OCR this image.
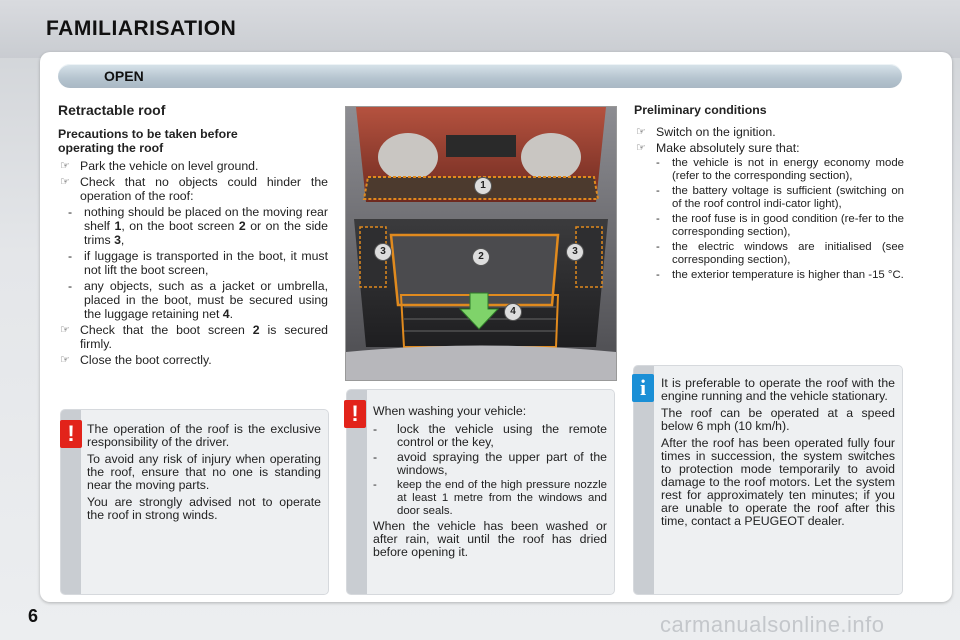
FAMILIARISATION
OPEN

Retractable roof

Precautions to be taken before
operating the roof

☞ Park the vehicle on level ground.

☞ Check that no objects could hinder the operation of the roof:

- nothing should be placed on the moving rear shelf 1, on the boot screen 2 or on the side trims 3,

- if luggage is transported in the boot, it must not lift the boot screen,

- any objects, such as a jacket or umbrella, placed in the boot, must be secured using the luggage retaining net 4.

☞ Check that the boot screen 2 is secured firmly.

☞ Close the boot correctly.

1
2
3	3
4

Preliminary conditions

☞ Switch on the ignition.

☞ Make absolutely sure that:

- the vehicle is not in energy economy mode (refer to the corresponding section),

- the battery voltage is sufficient (switching on of the roof control indi-cator light),

- the roof fuse is in good condition (re-fer to the corresponding section),

- the electric windows are initialised (see corresponding section),

- the exterior temperature is higher than -15 °C.

!	The operation of the roof is the exclusive responsibility of the driver.

To avoid any risk of injury when operating the roof, ensure that no one is standing near the moving parts.

You are strongly advised not to operate the roof in strong winds.

!	When washing your vehicle:

- lock the vehicle using the remote control or the key,

- avoid spraying the upper part of the windows,

- keep the end of the high pressure nozzle at least 1 metre from the windows and door seals.

When the vehicle has been washed or after rain, wait until the roof has dried before opening it.

i	It is preferable to operate the roof with the engine running and the vehicle stationary.

The roof can be operated at a speed below 6 mph (10 km/h).

After the roof has been operated fully four times in succession, the system switches to protection mode temporarily to avoid damage to the roof motors. Let the system rest for approximately ten minutes; if you are unable to operate the roof after this time, contact a PEUGEOT dealer.

6	carmanualsonline.info
